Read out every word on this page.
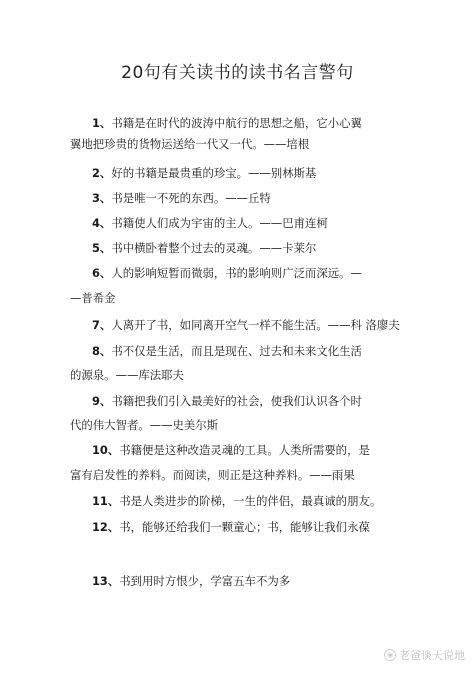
20句有关读书的读书名言警句
1、书籍是在时代的波涛中航行的思想之船，它小心翼
翼地把珍贵的货物运送给一代又一代。——培根
2、好的书籍是最贵重的珍宝。——别林斯基
3、书是唯一不死的东西。——丘特
4、书籍使人们成为宇宙的主人。——巴甫连柯
5、书中横卧着整个过去的灵魂。——卡莱尔
6、人的影响短暂而微弱，书的影响则广泛而深远。—
—普希金
7、人离开了书，如同离开空气一样不能生活。——科 洛廖夫
8、书不仅是生活，而且是现在、过去和未来文化生活
的源泉。——库法耶夫
9、书籍把我们引入最美好的社会，使我们认识各个时
代的伟大智者。——史美尔斯
10、书籍便是这种改造灵魂的工具。人类所需要的，是
富有启发性的养料。而阅读，则正是这种养料。——雨果
11、书是人类进步的阶梯，一生的伴侣，最真诚的朋友。
12、书，能够还给我们一颗童心；书，能够让我们永葆
13、书到用时方恨少，学富五车不为多
◉ 老爸谈天说地
